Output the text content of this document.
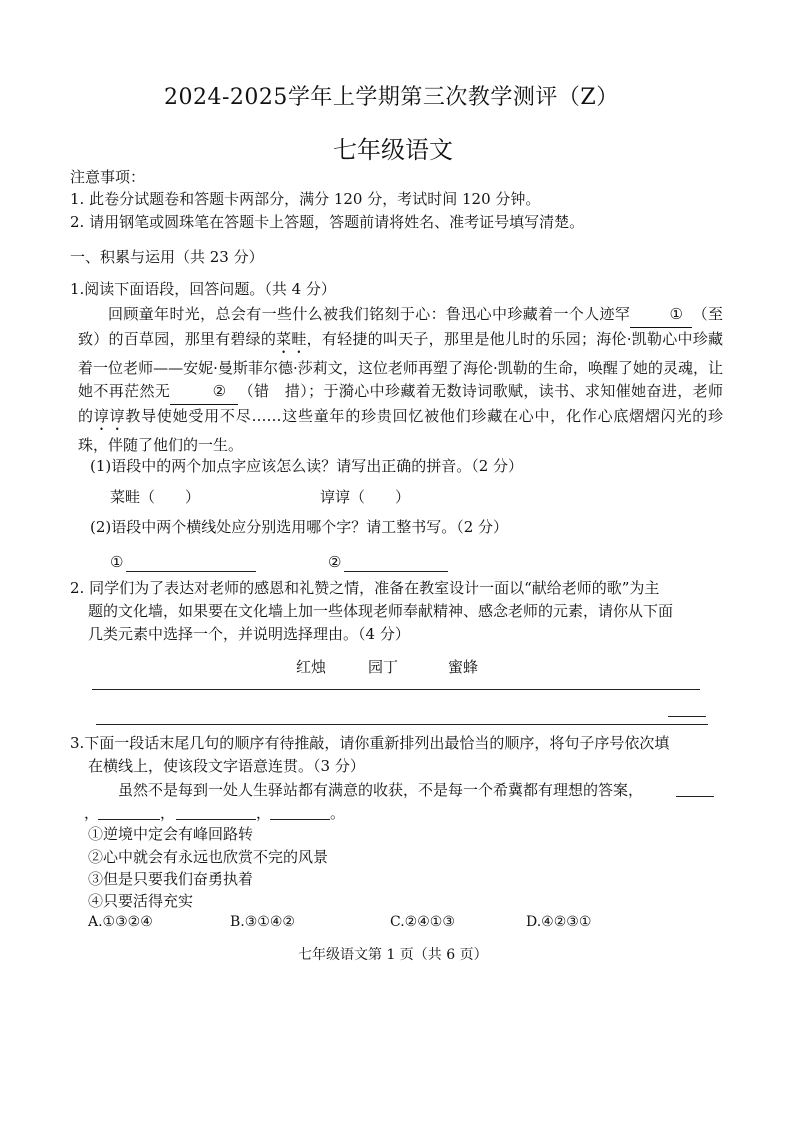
2024-2025学年上学期第三次教学测评（Z）
七年级语文
注意事项：
1. 此卷分试题卷和答题卡两部分，满分 120 分，考试时间 120 分钟。
2. 请用钢笔或圆珠笔在答题卡上答题，答题前请将姓名、准考证号填写清楚。
一、积累与运用（共 23 分）
1.阅读下面语段，回答问题。（共 4 分）
回顾童年时光，总会有一些什么被我们铭刻于心：鲁迅心中珍藏着一个人迹罕	① （至　致）的百草园，那里有碧绿的菜畦，有轻捷的叫天子，那里是他儿时的乐园；海伦·凯勒心中珍藏着一位老师——安妮·曼斯菲尔德·莎莉文，这位老师再塑了海伦·凯勒的生命，唤醒了她的灵魂，让她不再茫然无	② （错　措）；于漪心中珍藏着无数诗词歌赋，读书、求知催她奋进，老师的谆谆教导使她受用不尽……这些童年的珍贵回忆被他们珍藏在心中，化作心底熠熠闪光的珍珠，伴随了他们的一生。
(1)语段中的两个加点字应该怎么读？请写出正确的拼音。（2 分）
菜畦（　　）	谆谆（　　）
(2)语段中两个横线处应分别选用哪个字？请工整书写。（2 分）
①	②
2. 同学们为了表达对老师的感恩和礼赞之情，准备在教室设计一面以“献给老师的歌”为主
题的文化墙，如果要在文化墙上加一些体现老师奉献精神、感念老师的元素，请你从下面
几类元素中选择一个，并说明选择理由。（4 分）
红烛	园丁	蜜蜂
3.下面一段话末尾几句的顺序有待推敲，请你重新排列出最恰当的顺序，将句子序号依次填
在横线上，使该段文字语意连贯。（3 分）
虽然不是每到一处人生驿站都有满意的收获，不是每一个希冀都有理想的答案，
，	，	，	。
①逆境中定会有峰回路转
②心中就会有永远也欣赏不完的风景
③但是只要我们奋勇执着
④只要活得充实
A.①③②④	B.③①④②	C.②④①③	D.④②③①
七年级语文第 1 页（共 6 页）
